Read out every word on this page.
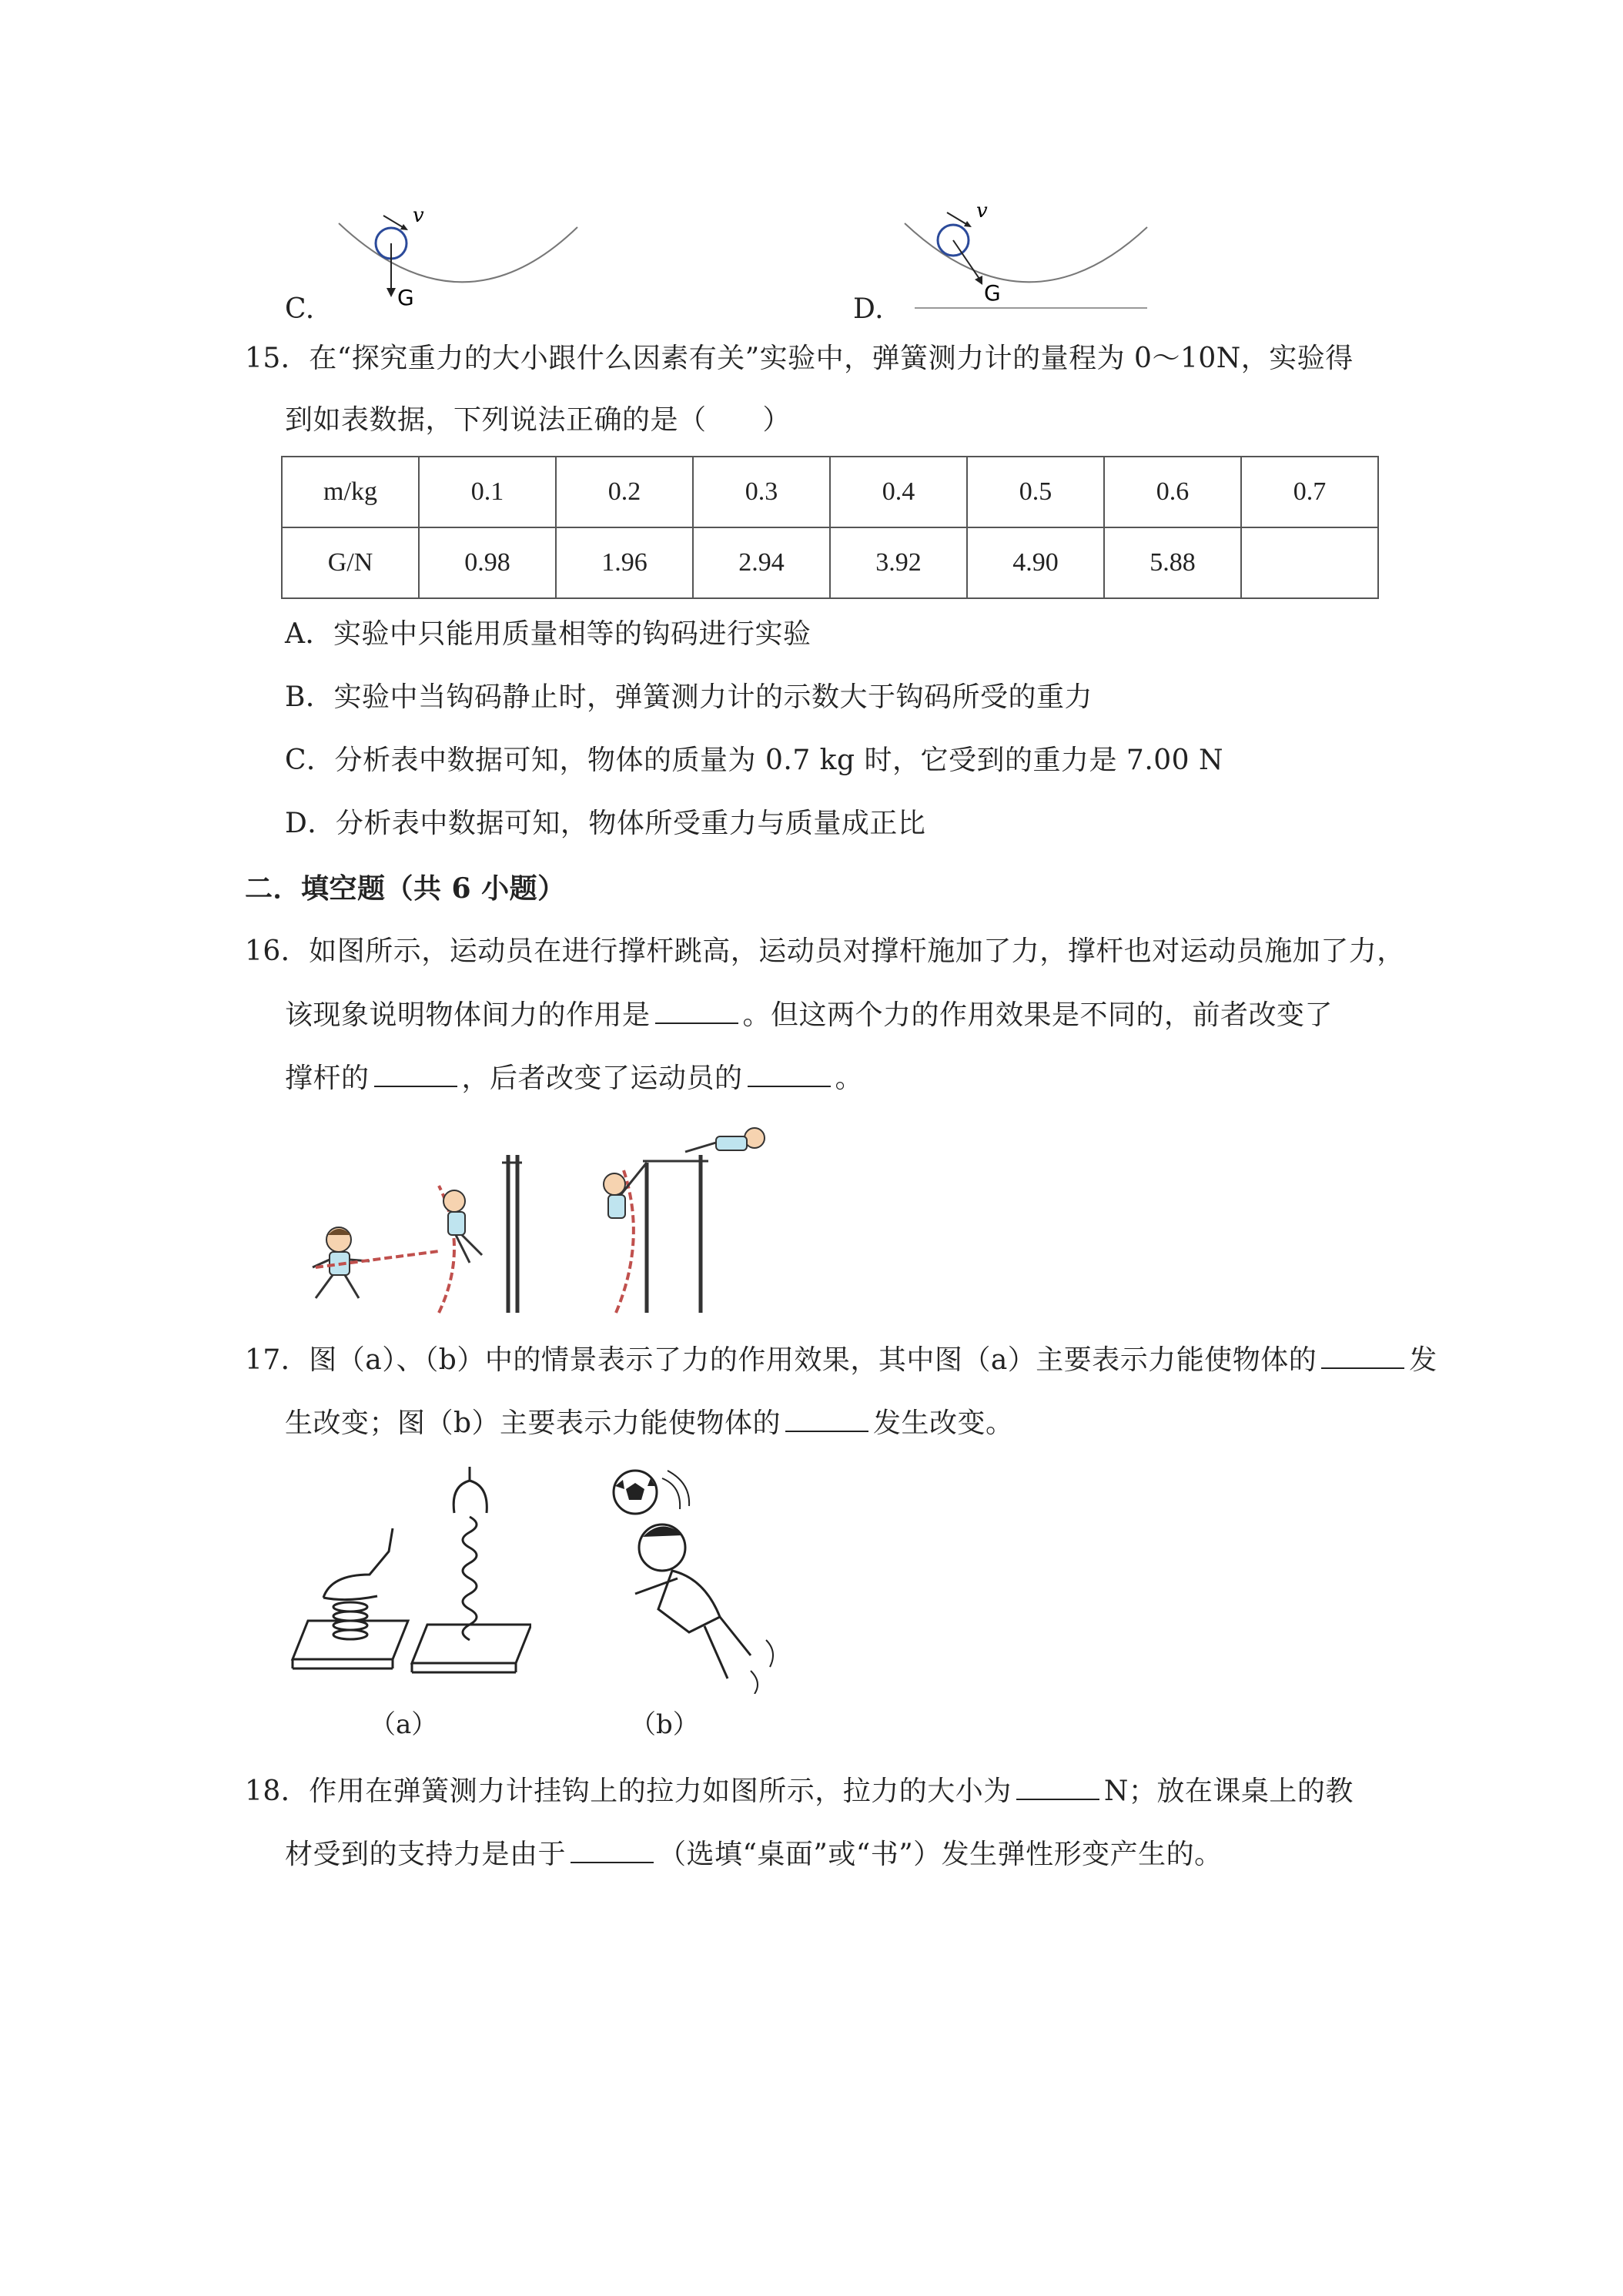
v
G
C.
v
G
D.
15．在“探究重力的大小跟什么因素有关”实验中，弹簧测力计的量程为 0～10N，实验得
到如表数据，下列说法正确的是（　　）
m/kg	0.1	0.2	0.3	0.4	0.5	0.6	0.7
G/N	0.98	1.96	2.94	3.92	4.90	5.88	
A．实验中只能用质量相等的钩码进行实验
B．实验中当钩码静止时，弹簧测力计的示数大于钩码所受的重力
C．分析表中数据可知，物体的质量为 0.7 kg 时，它受到的重力是 7.00 N
D．分析表中数据可知，物体所受重力与质量成正比
二．填空题（共 6 小题）
16．如图所示，运动员在进行撑杆跳高，运动员对撑杆施加了力，撑杆也对运动员施加了力，
该现象说明物体间力的作用是	。但这两个力的作用效果是不同的，前者改变了
撑杆的	，后者改变了运动员的	。
17．图（a）、（b）中的情景表示了力的作用效果，其中图（a）主要表示力能使物体的	发
生改变；图（b）主要表示力能使物体的	发生改变。
（a）	（b）
18．作用在弹簧测力计挂钩上的拉力如图所示，拉力的大小为	N；放在课桌上的教
材受到的支持力是由于	（选填“桌面”或“书”）发生弹性形变产生的。
